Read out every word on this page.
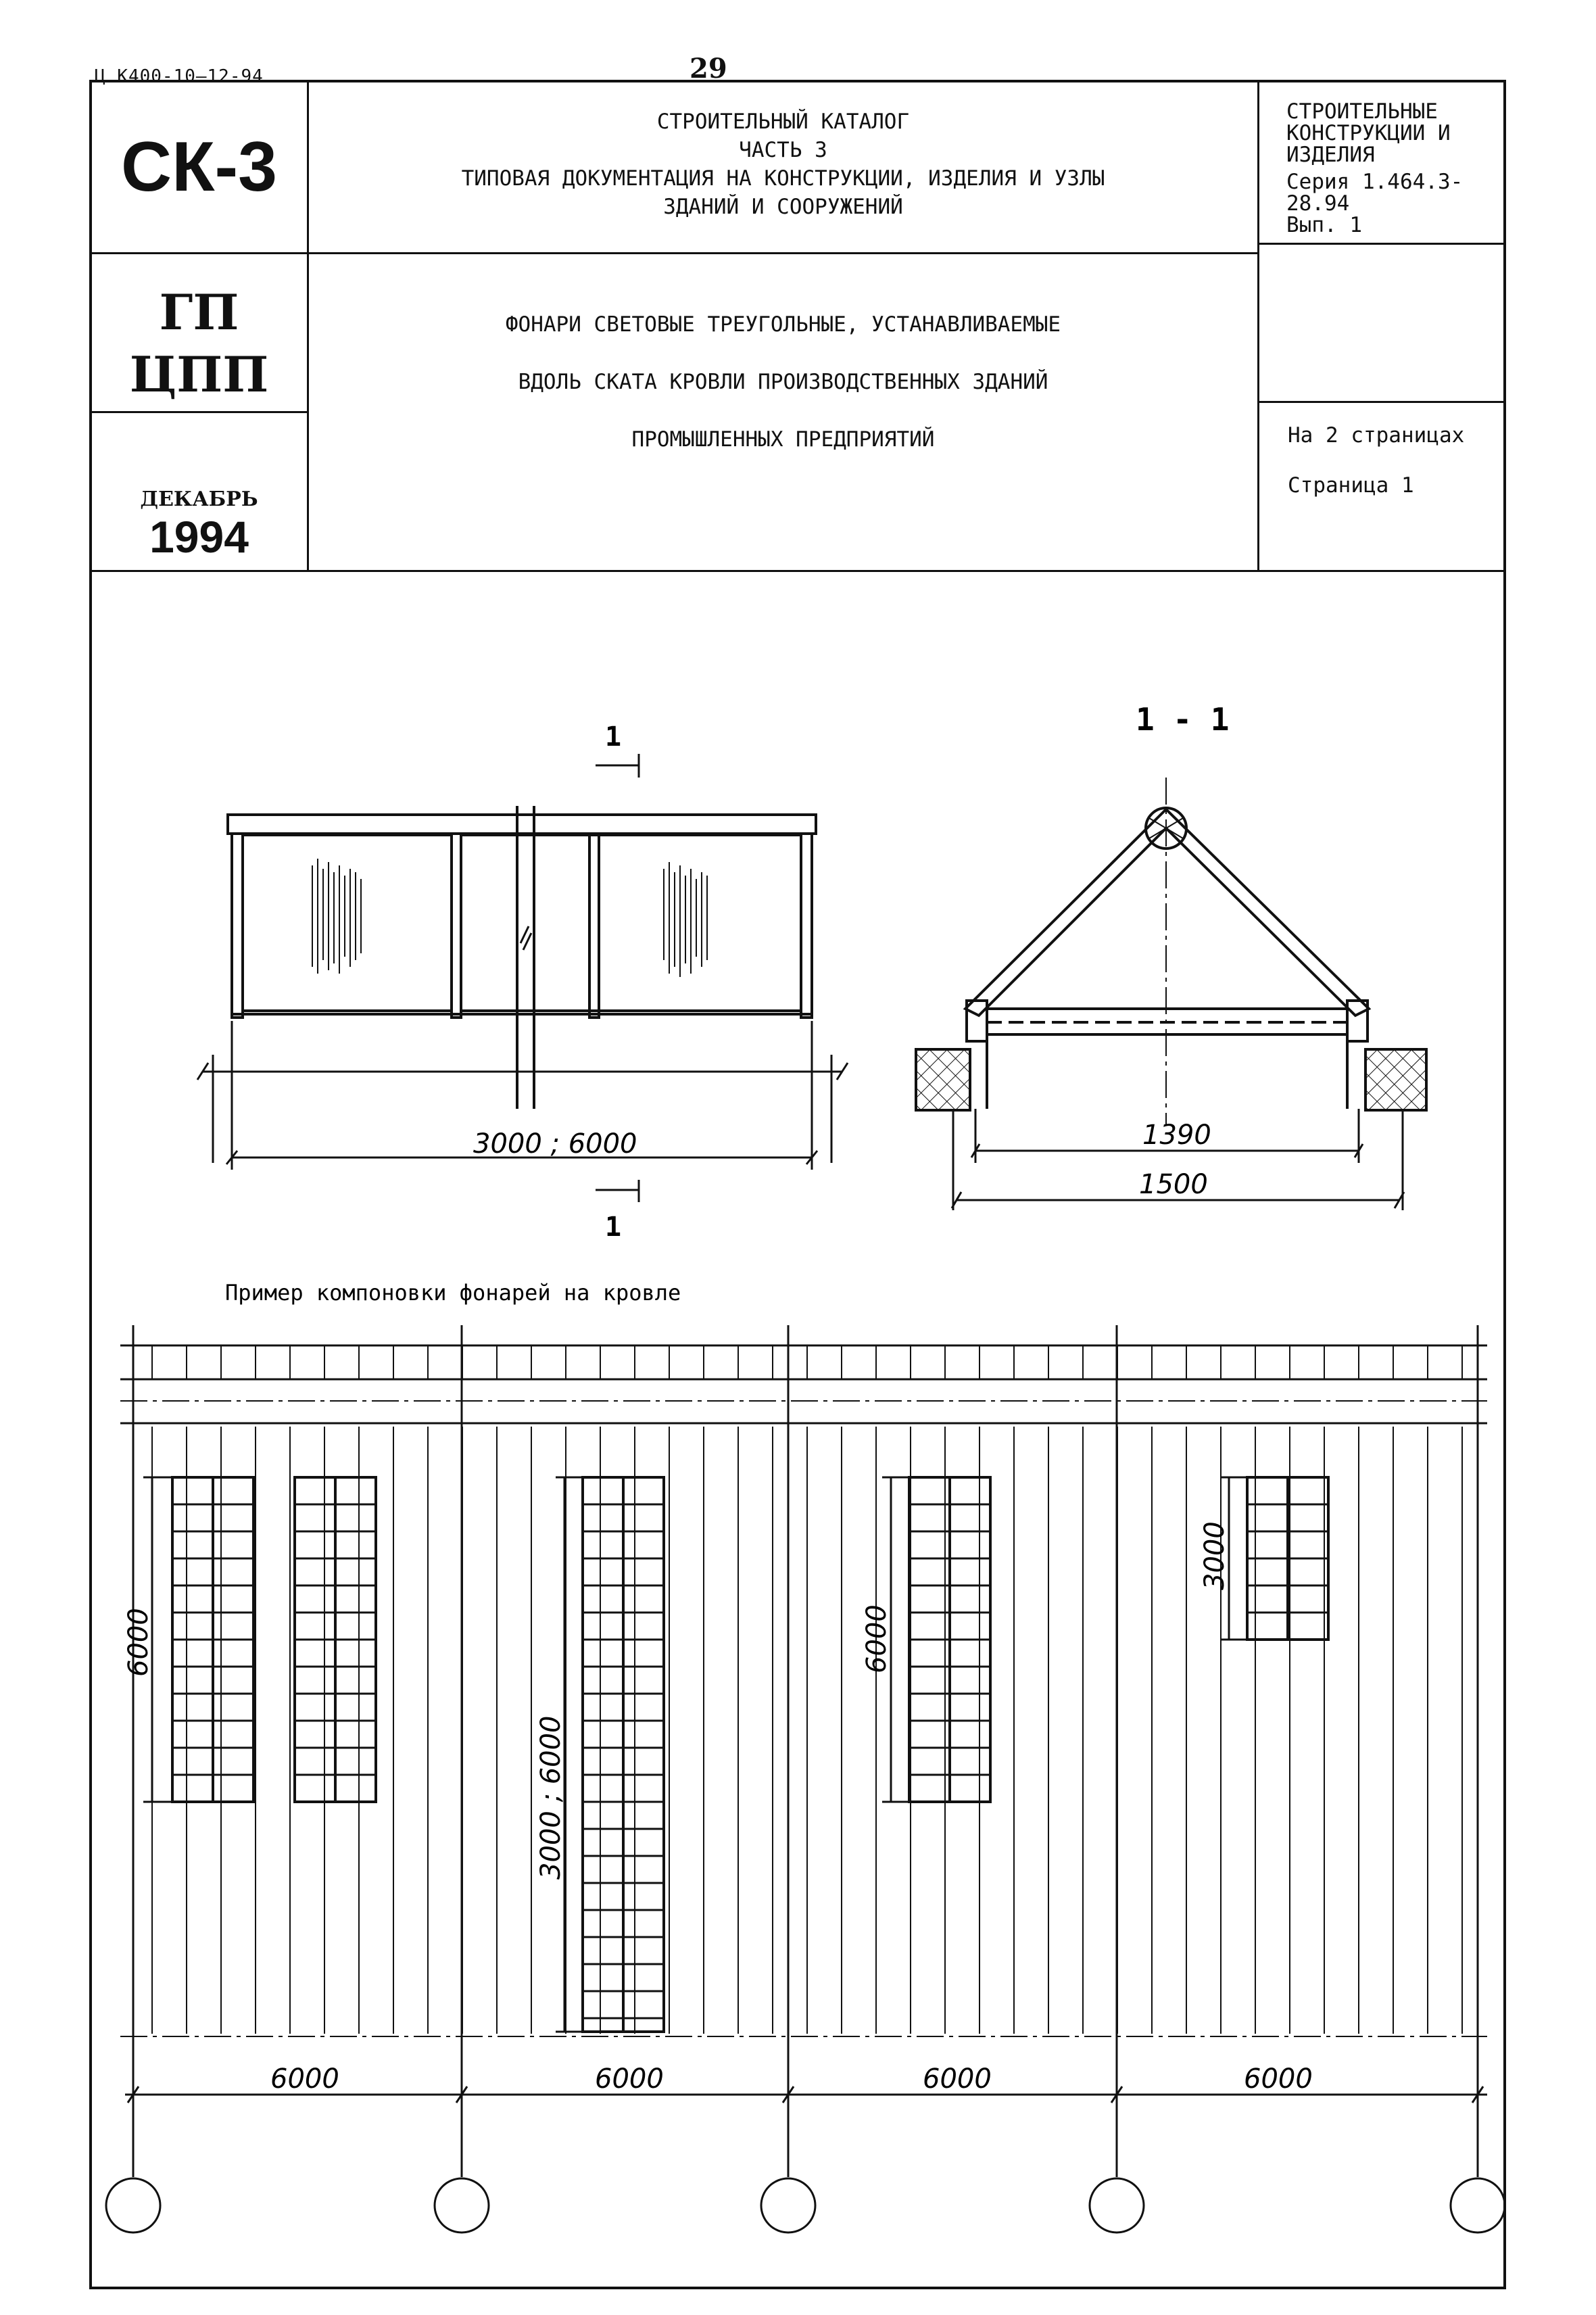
Ц К400-10—12-94	29
СК-3
СТРОИТЕЛЬНЫЙ КАТАЛОГ
ЧАСТЬ 3
ТИПОВАЯ ДОКУМЕНТАЦИЯ НА КОНСТРУКЦИИ, ИЗДЕЛИЯ И УЗЛЫ
ЗДАНИЙ И СООРУЖЕНИЙ
СТРОИТЕЛЬНЫЕ
КОНСТРУКЦИИ И
ИЗДЕЛИЯ
Серия 1.464.3-28.94
Вып. 1
ГП
ЦПП
ФОНАРИ СВЕТОВЫЕ ТРЕУГОЛЬНЫЕ, УСТАНАВЛИВАЕМЫЕ
ВДОЛЬ СКАТА КРОВЛИ ПРОИЗВОДСТВЕННЫХ ЗДАНИЙ
ПРОМЫШЛЕННЫХ ПРЕДПРИЯТИЙ	На 2 страницах
Страница 1
ДЕКАБРЬ
1994
1
1
3000 ; 6000
1 - 1
1390
1500
Пример компоновки фонарей на кровле
6000
3000 ; 6000
6000
3000
6000	6000	6000	6000
